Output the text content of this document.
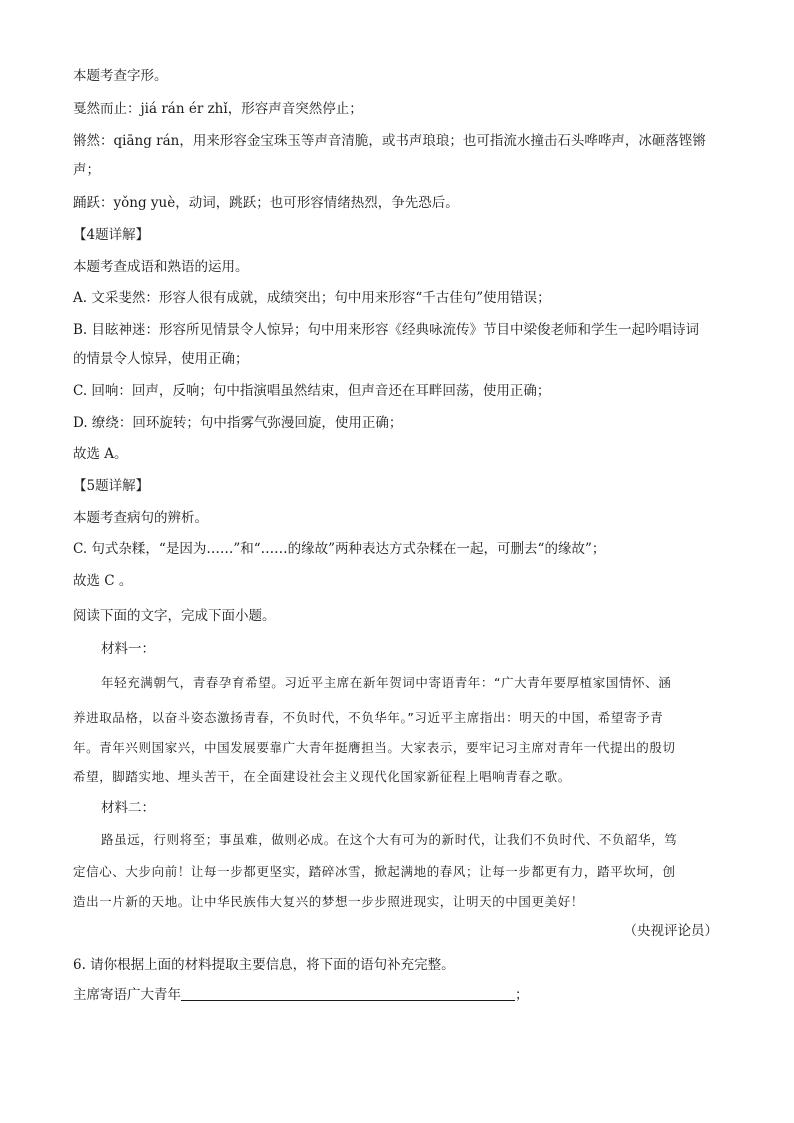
本题考查字形。
戛然而止：jiá rán ér zhǐ，形容声音突然停止；
锵然：qiāng rán，用来形容金宝珠玉等声音清脆，或书声琅琅；也可指流水撞击石头哗哗声，冰砸落铿锵
声；
踊跃：yǒng yuè，动词，跳跃；也可形容情绪热烈，争先恐后。
【4题详解】
本题考查成语和熟语的运用。
A. 文采斐然：形容人很有成就，成绩突出；句中用来形容“千古佳句”使用错误；
B. 目眩神迷：形容所见情景令人惊异；句中用来形容《经典咏流传》节目中梁俊老师和学生一起吟唱诗词
的情景令人惊异，使用正确；
C. 回响：回声，反响；句中指演唱虽然结束，但声音还在耳畔回荡，使用正确；
D. 缭绕：回环旋转；句中指雾气弥漫回旋，使用正确；
故选 A。
【5题详解】
本题考查病句的辨析。
C. 句式杂糅，“是因为……”和“……的缘故”两种表达方式杂糅在一起，可删去“的缘故”；
故选 C 。
阅读下面的文字，完成下面小题。
材料一：
年轻充满朝气，青春孕育希望。习近平主席在新年贺词中寄语青年：“广大青年要厚植家国情怀、涵
养进取品格，以奋斗姿态激扬青春，不负时代，不负华年。”习近平主席指出：明天的中国，希望寄予青
年。青年兴则国家兴，中国发展要靠广大青年挺膺担当。大家表示，要牢记习主席对青年一代提出的殷切
希望，脚踏实地、埋头苦干，在全面建设社会主义现代化国家新征程上唱响青春之歌。
材料二：
路虽远，行则将至；事虽难，做则必成。在这个大有可为的新时代，让我们不负时代、不负韶华，笃
定信心、大步向前！让每一步都更坚实，踏碎冰雪，掀起满地的春风；让每一步都更有力，踏平坎坷，创
造出一片新的天地。让中华民族伟大复兴的梦想一步步照进现实，让明天的中国更美好！
（央视评论员）
6. 请你根据上面的材料提取主要信息，将下面的语句补充完整。
主席寄语广大青年	；
